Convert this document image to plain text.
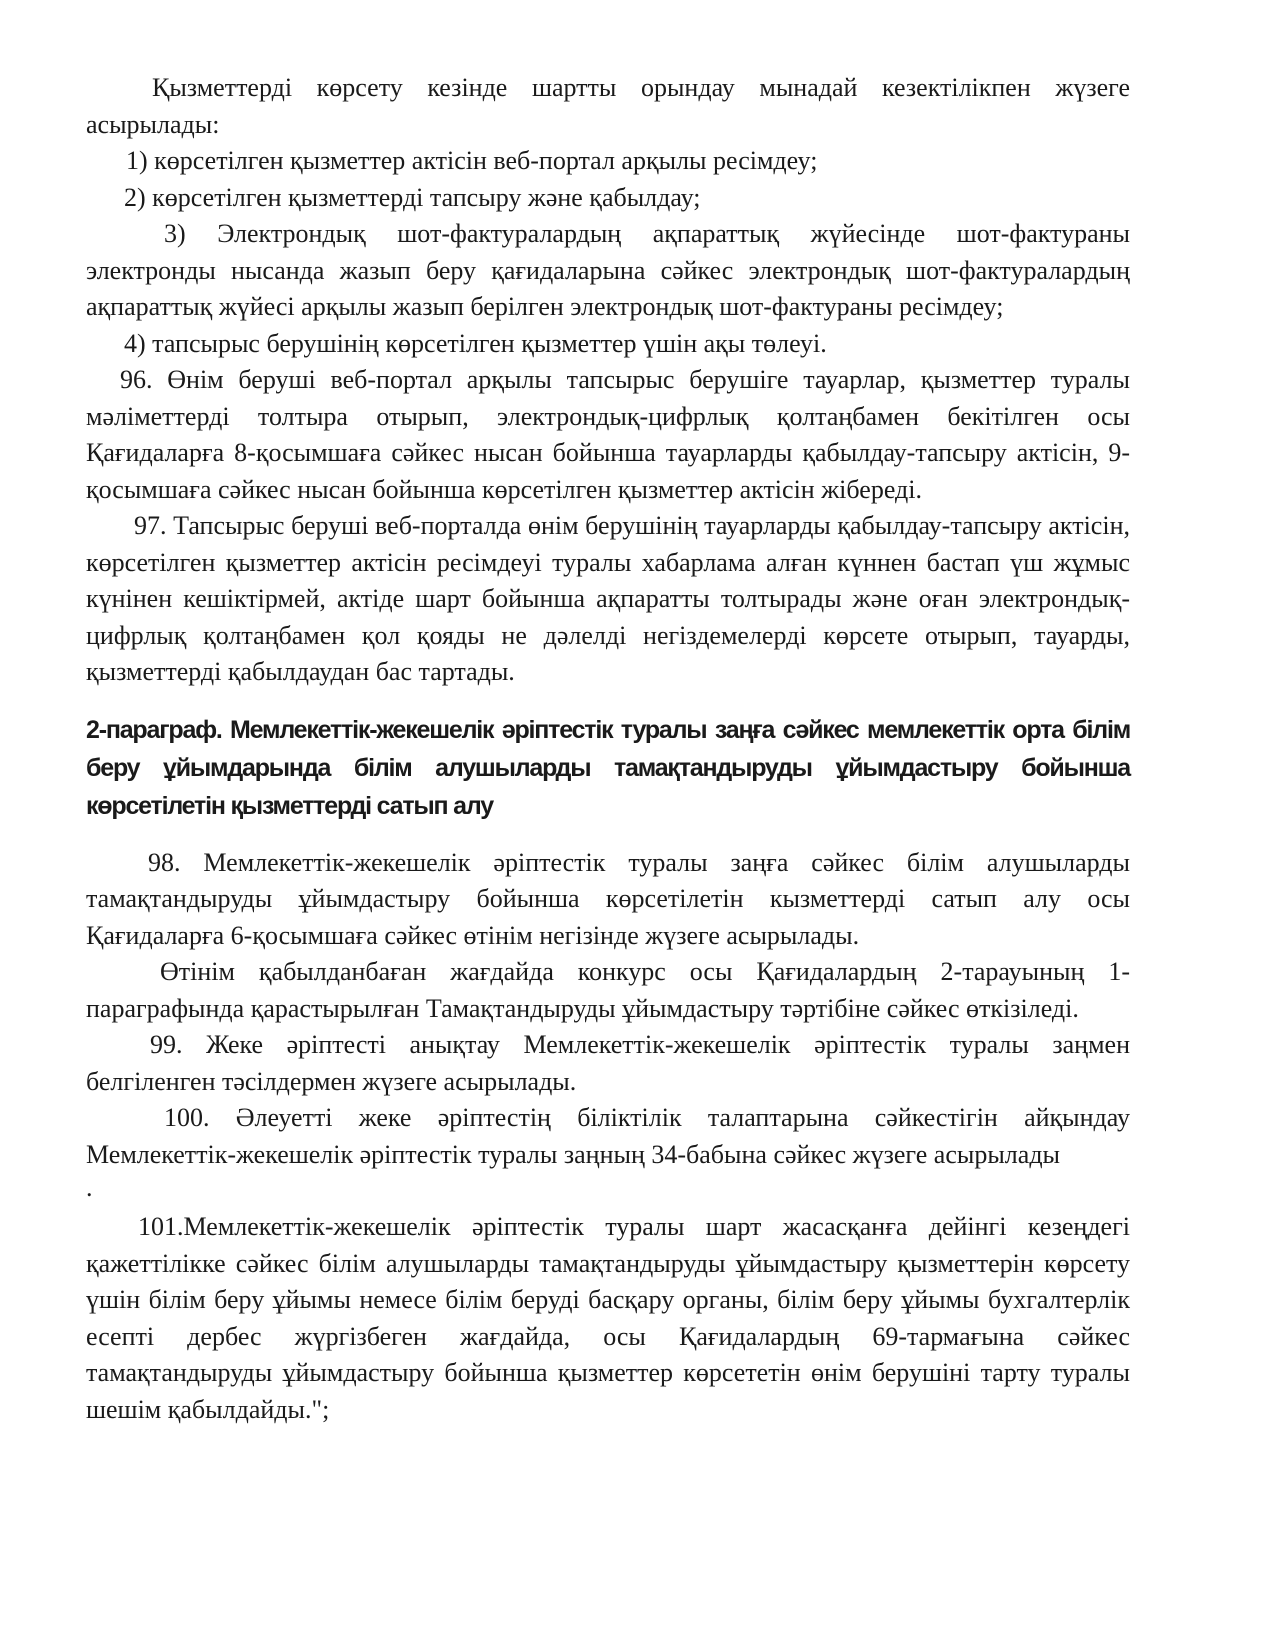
Қызметтерді көрсету кезінде шартты орындау мынадай кезектілікпен жүзеге асырылады:

1) көрсетілген қызметтер актісін веб-портал арқылы ресімдеу;

2) көрсетілген қызметтерді тапсыру және қабылдау;

3) Электрондық шот-фактуралардың ақпараттық жүйесінде шот-фактураны электронды нысанда жазып беру қағидаларына сәйкес электрондық шот-фактуралардың ақпараттық жүйесі арқылы жазып берілген электрондық шот-фактураны ресімдеу;

4) тапсырыс берушінің көрсетілген қызметтер үшін ақы төлеуі.

96. Өнім беруші веб-портал арқылы тапсырыс берушіге тауарлар, қызметтер туралы мәліметтерді толтыра отырып, электрондық-цифрлық қолтаңбамен бекітілген осы Қағидаларға 8-қосымшаға сәйкес нысан бойынша тауарларды қабылдау-тапсыру актісін, 9-қосымшаға сәйкес нысан бойынша көрсетілген қызметтер актісін жібереді.

97. Тапсырыс беруші веб-порталда өнім берушінің тауарларды қабылдау-тапсыру актісін, көрсетілген қызметтер актісін ресімдеуі туралы хабарлама алған күннен бастап үш жұмыс күнінен кешіктірмей, актіде шарт бойынша ақпаратты толтырады және оған электрондық-цифрлық қолтаңбамен қол қояды не дәлелді негіздемелерді көрсете отырып, тауарды, қызметтерді қабылдаудан бас тартады.

2-параграф. Мемлекеттік-жекешелік әріптестік туралы заңға сәйкес мемлекеттік орта білім беру ұйымдарында білім алушыларды тамақтандыруды ұйымдастыру бойынша көрсетілетін қызметтерді сатып алу

98. Мемлекеттік-жекешелік әріптестік туралы заңға сәйкес білім алушыларды тамақтандыруды ұйымдастыру бойынша көрсетілетін кызметтерді сатып алу осы Қағидаларға 6-қосымшаға сәйкес өтінім негізінде жүзеге асырылады.

Өтінім қабылданбаған жағдайда конкурс осы Қағидалардың 2-тарауының 1-параграфында қарастырылған Тамақтандыруды ұйымдастыру тәртібіне сәйкес өткізіледі.

99. Жеке әріптесті анықтау Мемлекеттік-жекешелік әріптестік туралы заңмен белгіленген тәсілдермен жүзеге асырылады.

100. Әлеуетті жеке әріптестің біліктілік талаптарына сәйкестігін айқындау Мемлекеттік-жекешелік әріптестік туралы заңның 34-бабына сәйкес жүзеге асырылады

.

101.Мемлекеттік-жекешелік әріптестік туралы шарт жасасқанға дейінгі кезеңдегі қажеттілікке сәйкес білім алушыларды тамақтандыруды ұйымдастыру қызметтерін көрсету үшін білім беру ұйымы немесе білім беруді басқару органы, білім беру ұйымы бухгалтерлік есепті дербес жүргізбеген жағдайда, осы Қағидалардың 69-тармағына сәйкес тамақтандыруды ұйымдастыру бойынша қызметтер көрсететін өнім берушіні тарту туралы шешім қабылдайды.";
